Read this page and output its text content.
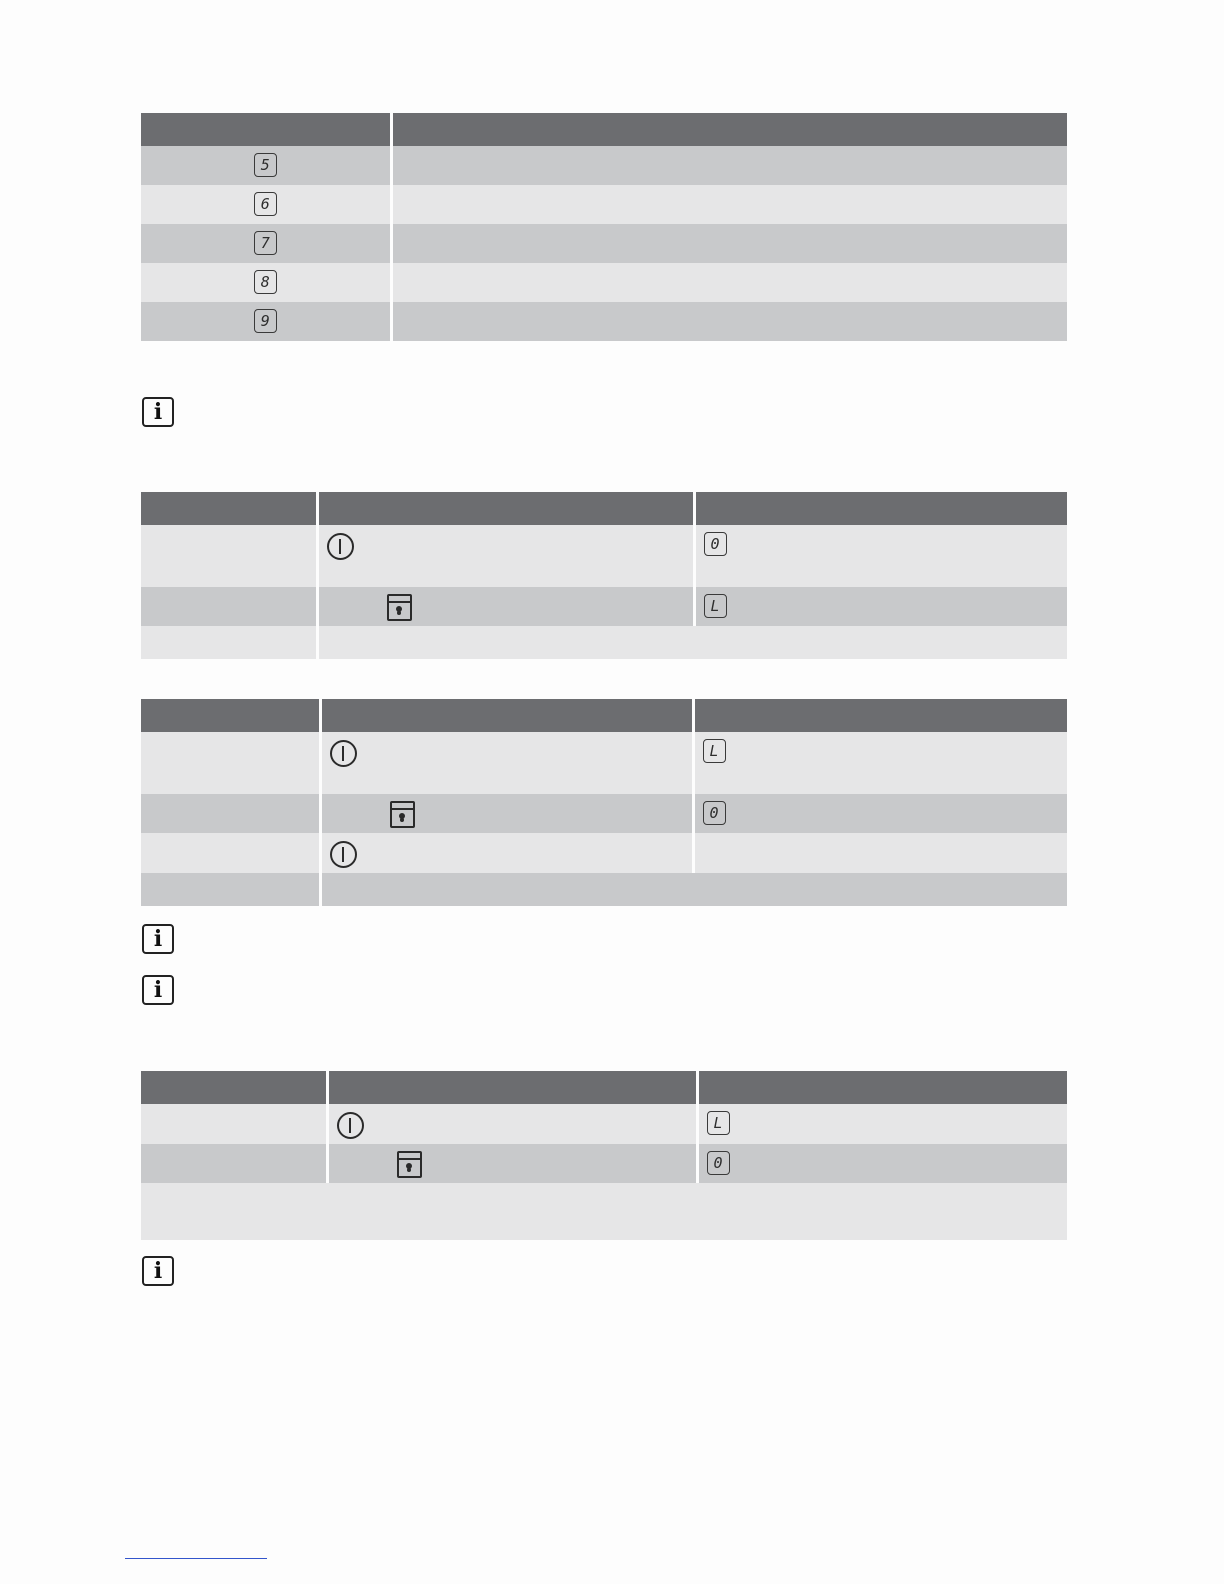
5	
6	
7	
8	
9	
i

		0
		L

		L
		0

i
i

		L
		0

i
